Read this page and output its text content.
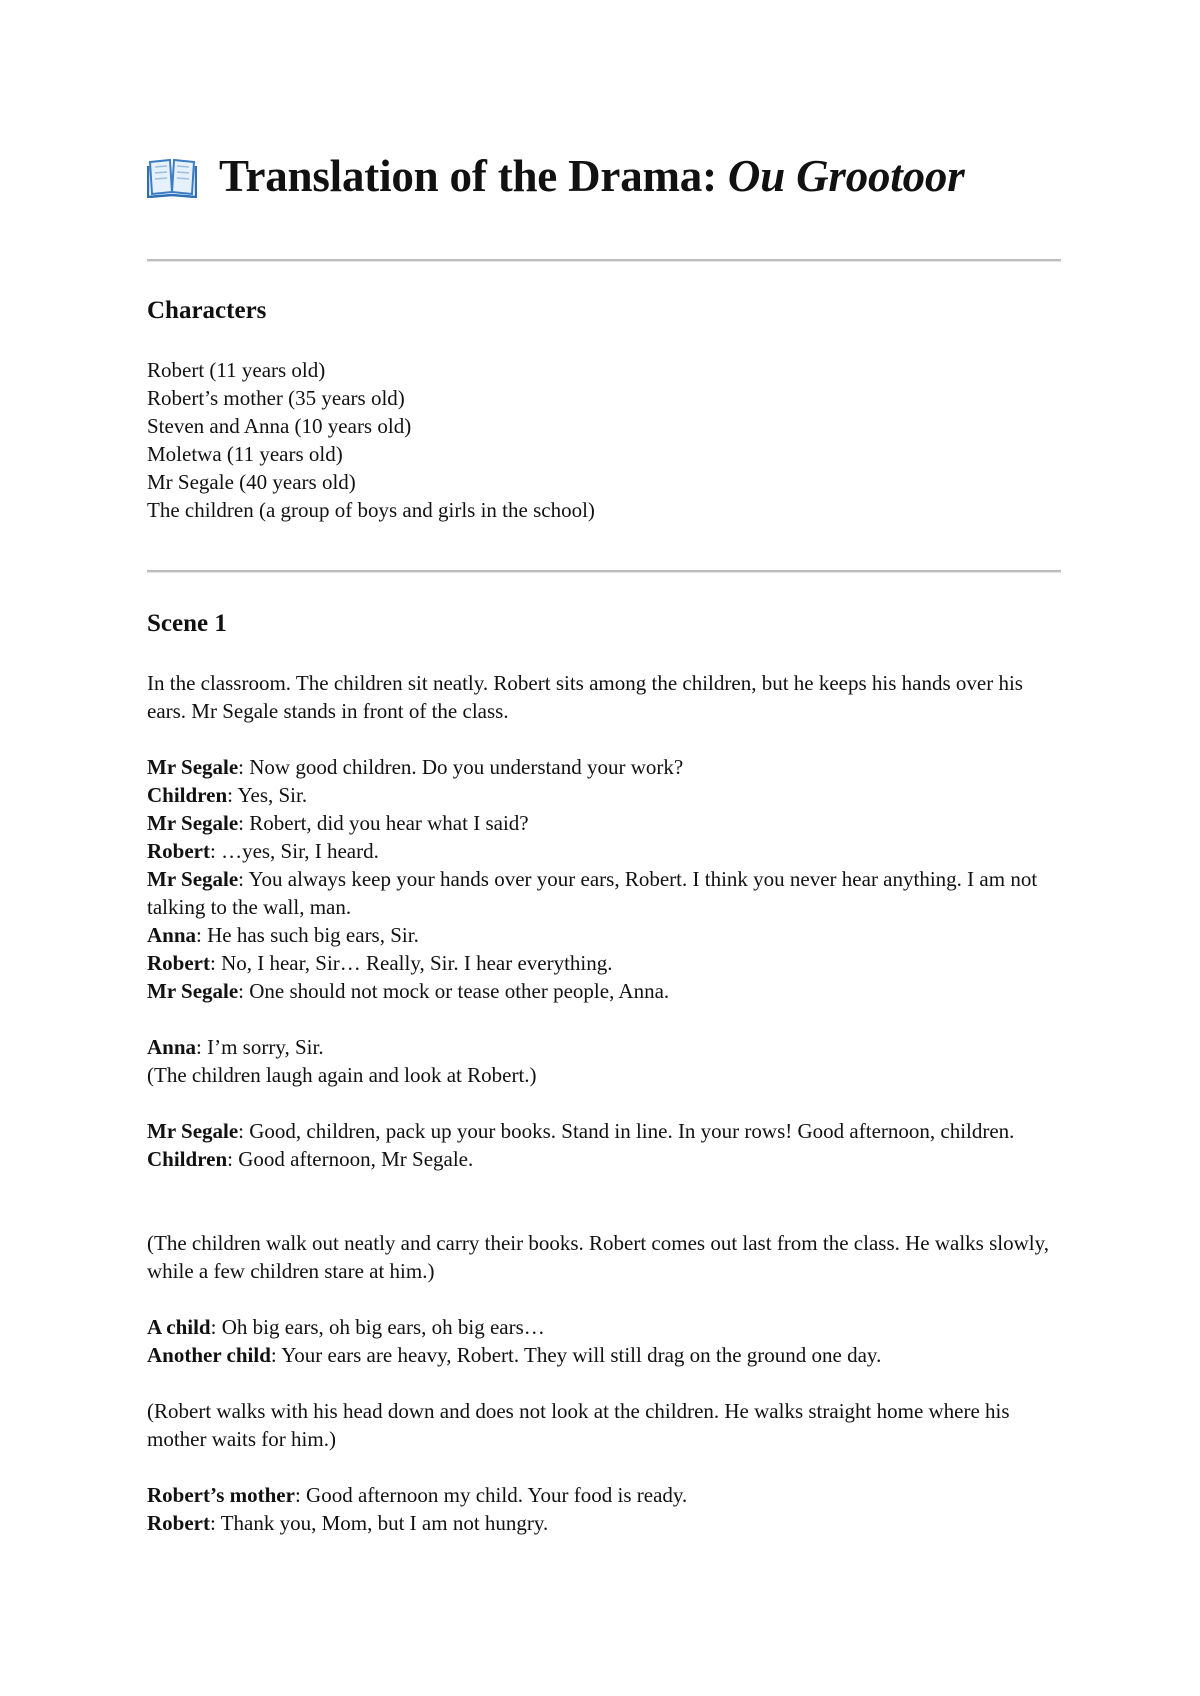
Translation of the Drama: Ou Grootoor
Characters
Robert (11 years old)
Robert’s mother (35 years old)
Steven and Anna (10 years old)
Moletwa (11 years old)
Mr Segale (40 years old)
The children (a group of boys and girls in the school)
Scene 1
In the classroom. The children sit neatly. Robert sits among the children, but he keeps his hands over his ears. Mr Segale stands in front of the class.
Mr Segale: Now good children. Do you understand your work?
Children: Yes, Sir.
Mr Segale: Robert, did you hear what I said?
Robert: …yes, Sir, I heard.
Mr Segale: You always keep your hands over your ears, Robert. I think you never hear anything. I am not talking to the wall, man.
Anna: He has such big ears, Sir.
Robert: No, I hear, Sir… Really, Sir. I hear everything.
Mr Segale: One should not mock or tease other people, Anna.
Anna: I’m sorry, Sir.
(The children laugh again and look at Robert.)
Mr Segale: Good, children, pack up your books. Stand in line. In your rows! Good afternoon, children.
Children: Good afternoon, Mr Segale.
(The children walk out neatly and carry their books. Robert comes out last from the class. He walks slowly, while a few children stare at him.)
A child: Oh big ears, oh big ears, oh big ears…
Another child: Your ears are heavy, Robert. They will still drag on the ground one day.
(Robert walks with his head down and does not look at the children. He walks straight home where his mother waits for him.)
Robert’s mother: Good afternoon my child. Your food is ready.
Robert: Thank you, Mom, but I am not hungry.
